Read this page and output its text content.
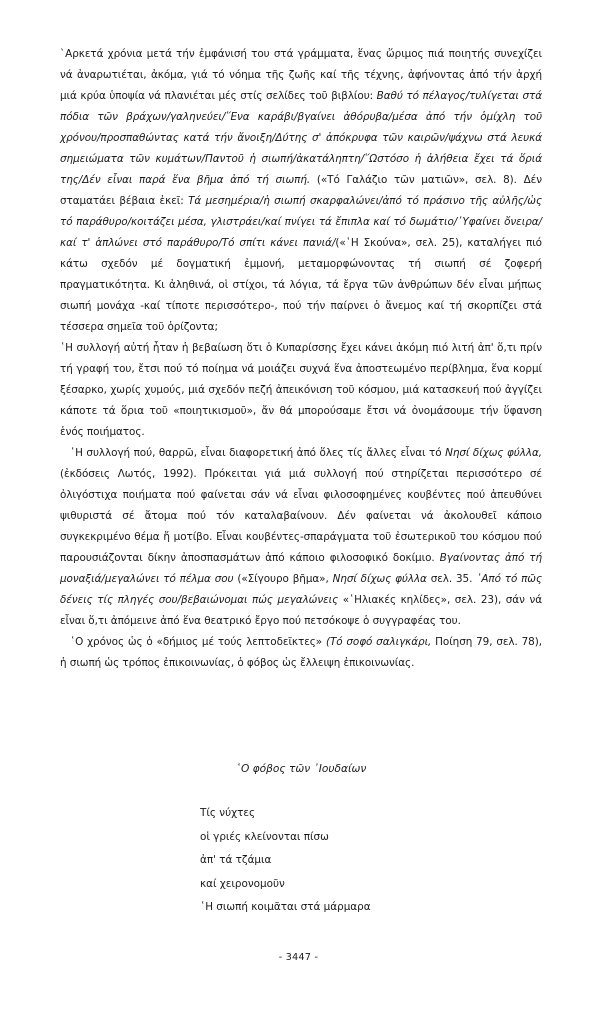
`Αρκετά χρόνια μετά τήν ἐμφάνισή του στά γράμματα, ἕνας ὥριμος πιά ποιητής συνεχίζει νά ἀναρωτιέται, ἀκόμα, γιά τό νόημα τῆς ζωῆς καί τῆς τέχνης, ἀφήνοντας ἀπό τήν ἀρχή μιά κρύα ὑποψία νά πλανιέται μές στίς σελίδες τοῦ βιβλίου: Βαθύ τό πέλαγος/τυλίγεται στά πόδια τῶν βράχων/γαληνεύει/῞Ενα καράβι/βγαίνει ἀθόρυβα/μέσα ἀπό τήν ὁμίχλη τοῦ χρόνου/προσπαθώντας κατά τήν ἄνοιξη/Δύτης σ' ἀπόκρυφα τῶν καιρῶν/ψάχνω στά λευκά σημειώματα τῶν κυμάτων/Παντοῦ ἡ σιωπή/ἀκατάληπτη/῞Ωστόσο ἡ ἀλήθεια ἔχει τά ὅριά της/Δέν εἶναι παρά ἕνα βῆμα ἀπό τή σιωπή. («Τό Γαλάζιο τῶν ματιῶν», σελ. 8). Δέν σταματάει βέβαια ἐκεῖ: Τά μεσημέρια/ἡ σιωπή σκαρφαλώνει/ἀπό τό πράσινο τῆς αὐλῆς/ὡς τό παράθυρο/κοιτάζει μέσα, γλιστράει/καί πνίγει τά ἔπιπλα καί τό δωμάτιο/῾Υφαίνει ὄνειρα/καί τ' ἁπλώνει στό παράθυρο/Τό σπίτι κάνει πανιά/(«῾Η Σκούνα», σελ. 25), καταλήγει πιό κάτω σχεδόν μέ δογματική ἐμμονή, μεταμορφώνοντας τή σιωπή σέ ζοφερή πραγματικότητα. Κι ἀληθινά, οἱ στίχοι, τά λόγια, τά ἔργα τῶν ἀνθρώπων δέν εἶναι μήπως σιωπή μονάχα -καί τίποτε περισσότερο-, πού τήν παίρνει ὁ ἄνεμος καί τή σκορπίζει στά τέσσερα σημεῖα τοῦ ὁρίζοντα;

῾Η συλλογή αὐτή ἦταν ἡ βεβαίωση ὅτι ὁ Κυπαρίσσης ἔχει κάνει ἀκόμη πιό λιτή ἀπ' ὅ,τι πρίν τή γραφή του, ἔτσι πού τό ποίημα νά μοιάζει συχνά ἕνα ἀποστεωμένο περίβλημα, ἕνα κορμί ξέσαρκο, χωρίς χυμούς, μιά σχεδόν πεζή ἀπεικόνιση τοῦ κόσμου, μιά κατασκευή πού ἀγγίζει κάποτε τά ὅρια τοῦ «ποιητικισμοῦ», ἄν θά μπορούσαμε ἔτσι νά ὀνομάσουμε τήν ὕφανση ἑνός ποιήματος.

῾Η συλλογή πού, θαρρῶ, εἶναι διαφορετική ἀπό ὅλες τίς ἄλλες εἶναι τό Νησί δίχως φύλλα, (ἐκδόσεις Λωτός, 1992). Πρόκειται γιά μιά συλλογή πού στηρίζεται περισσότερο σέ ὀλιγόστιχα ποιήματα πού φαίνεται σάν νά εἶναι φιλοσοφημένες κουβέντες πού ἀπευθύνει ψιθυριστά σέ ἄτομα πού τόν καταλαβαίνουν. Δέν φαίνεται νά ἀκολουθεῖ κάποιο συγκεκριμένο θέμα ἤ μοτίβο. Εἶναι κουβέντες-σπαράγματα τοῦ ἐσωτερικοῦ του κόσμου πού παρουσιάζονται δίκην ἀποσπασμάτων ἀπό κάποιο φιλοσοφικό δοκίμιο. Βγαίνοντας ἀπό τή μοναξιά/μεγαλώνει τό πέλμα σου («Σίγουρο βῆμα», Νησί δίχως φύλλα σελ. 35. ῾Από τό πῶς δένεις τίς πληγές σου/βεβαιώνομαι πώς μεγαλώνεις «῾Ηλιακές κηλίδες», σελ. 23), σάν νά εἶναι ὅ,τι ἀπόμεινε ἀπό ἕνα θεατρικό ἔργο πού πετσόκοψε ὁ συγγραφέας του.

῾Ο χρόνος ὡς ὁ «δήμιος μέ τούς λεπτοδεῖκτες» (Τό σοφό σαλιγκάρι, Ποίηση 79, σελ. 78), ἡ σιωπή ὡς τρόπος ἐπικοινωνίας, ὁ φόβος ὡς ἔλλειψη ἐπικοινωνίας.

῾Ο φόβος τῶν ᾿Ιουδαίων

Τίς νύχτες
οἱ γριές κλείνονται πίσω
ἀπ' τά τζάμια
καί χειρονομοῦν
῾Η σιωπή κοιμᾶται στά μάρμαρα
- 3447 -
